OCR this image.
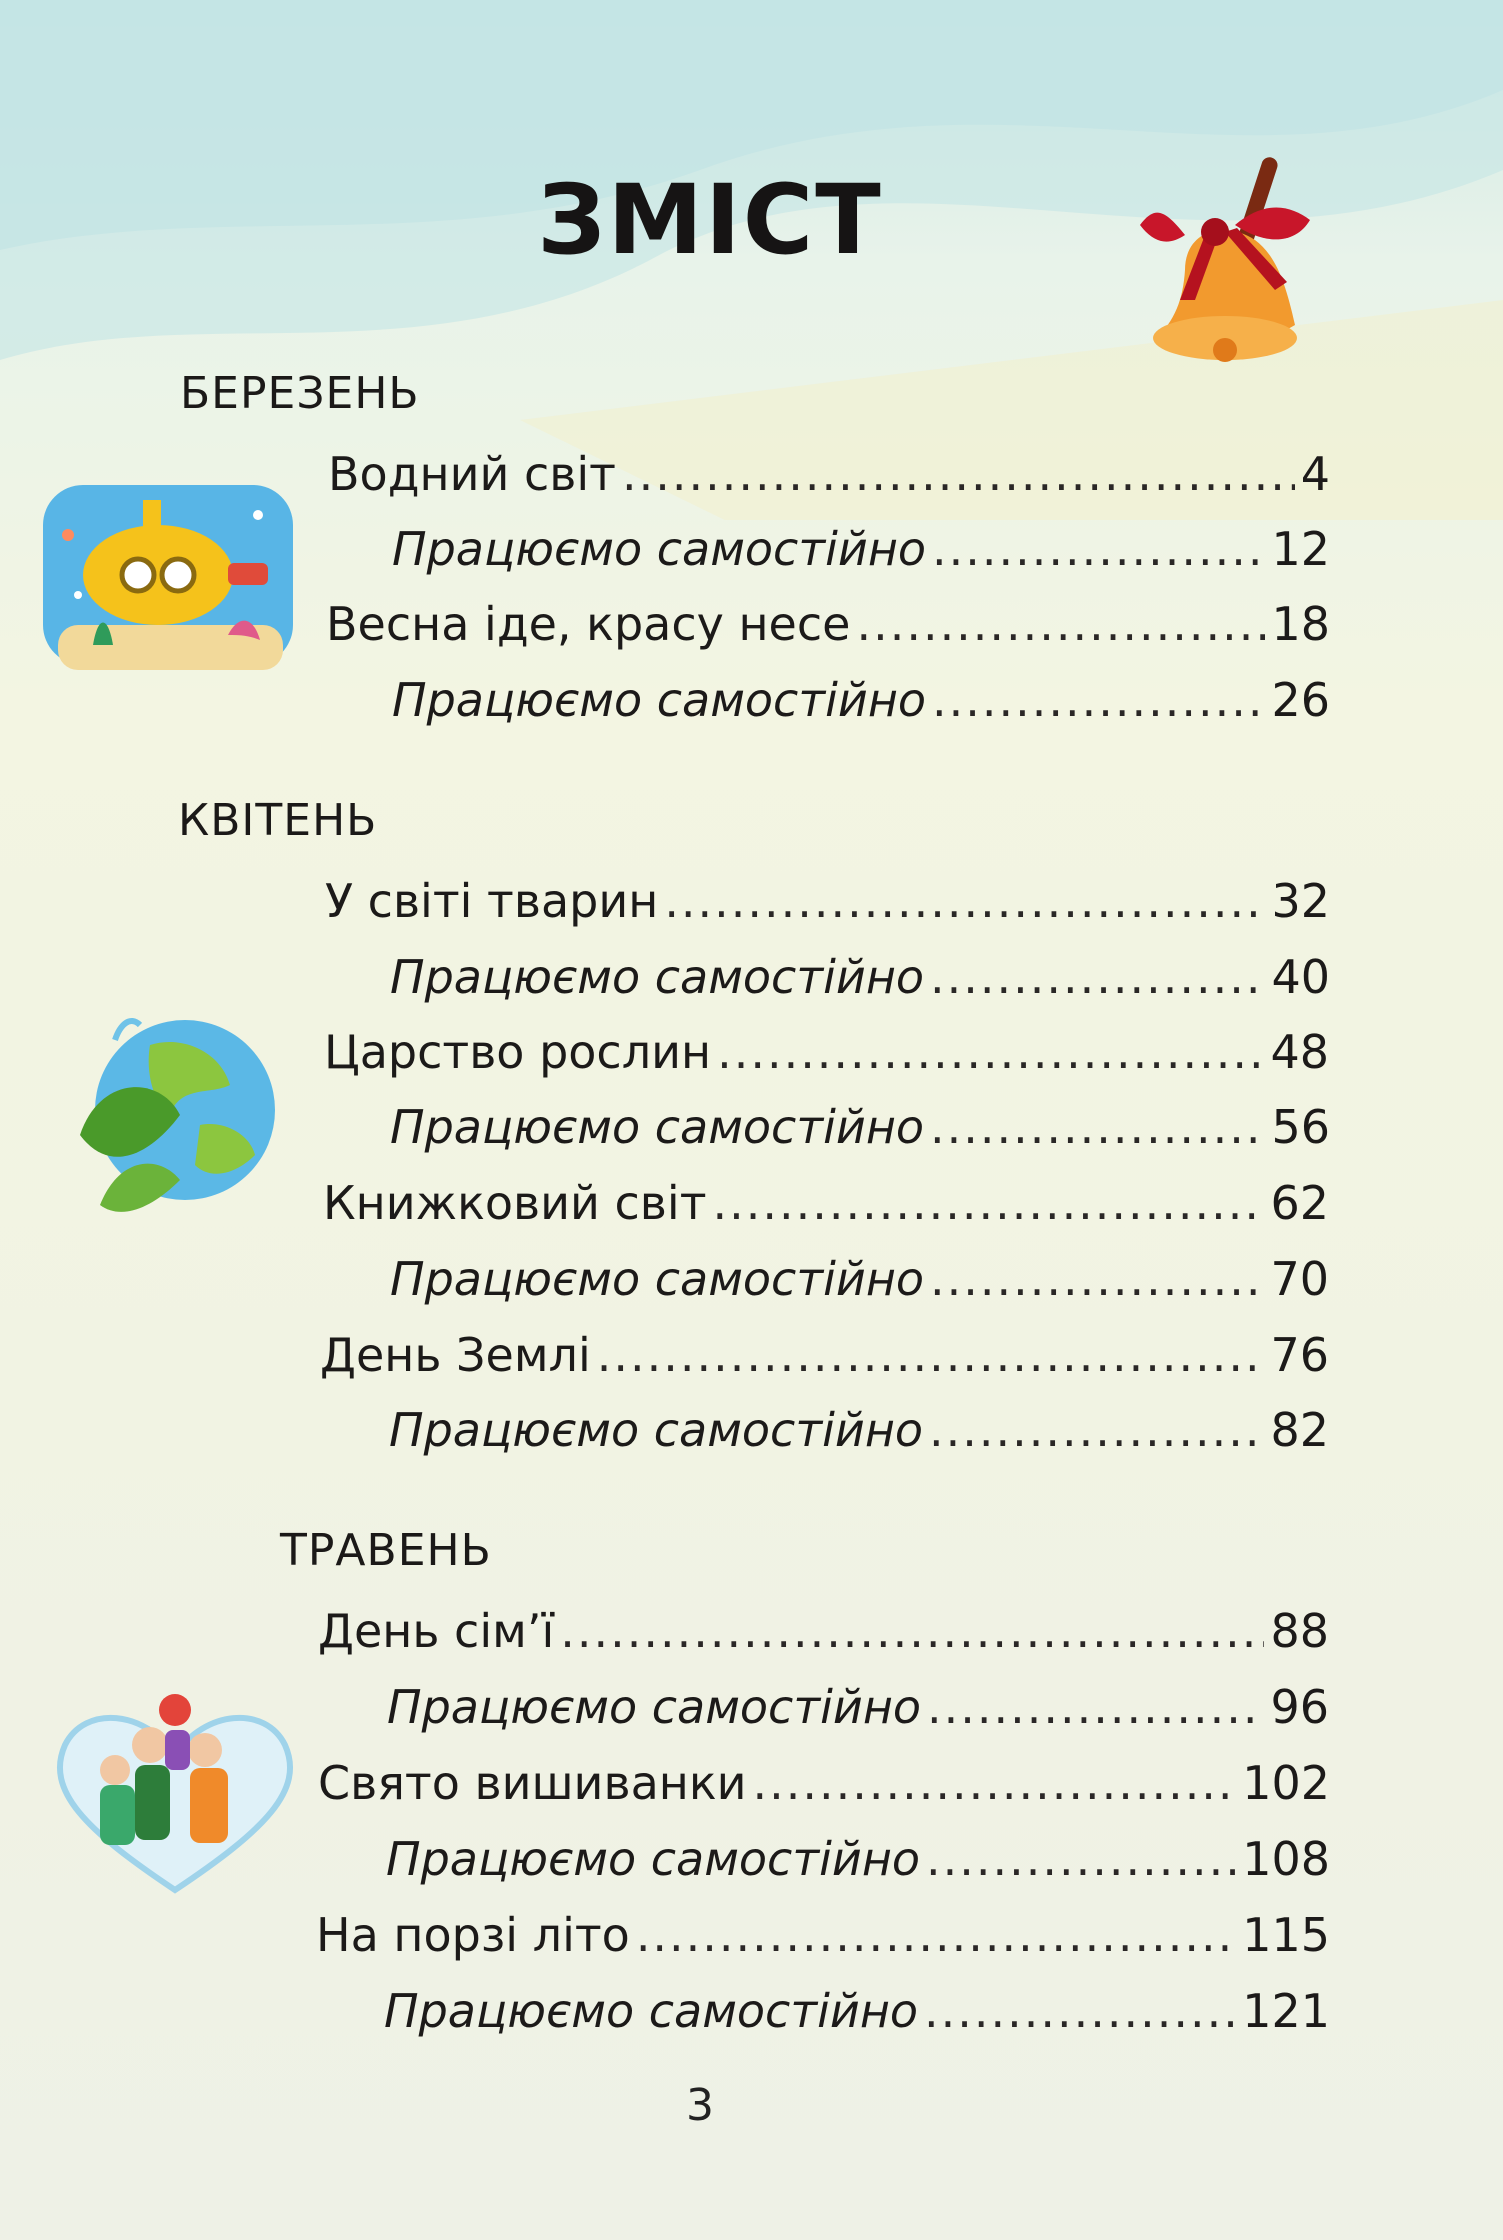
ЗМІСТ
БЕРЕЗЕНЬ
Водний світ .....	4
Працюємо самостійно .....	12
Весна іде, красу несе .....	18
Працюємо самостійно .....	26
КВІТЕНЬ
У світі тварин .....	32
Працюємо самостійно .....	40
Царство рослин .....	48
Працюємо самостійно .....	56
Книжковий світ .....	62
Працюємо самостійно .....	70
День Землі .....	76
Працюємо самостійно .....	82
ТРАВЕНЬ
День сім’ї .....	88
Працюємо самостійно .....	96
Свято вишиванки .....	102
Працюємо самостійно .....	108
На порзі літо .....	115
Працюємо самостійно .....	121
3
